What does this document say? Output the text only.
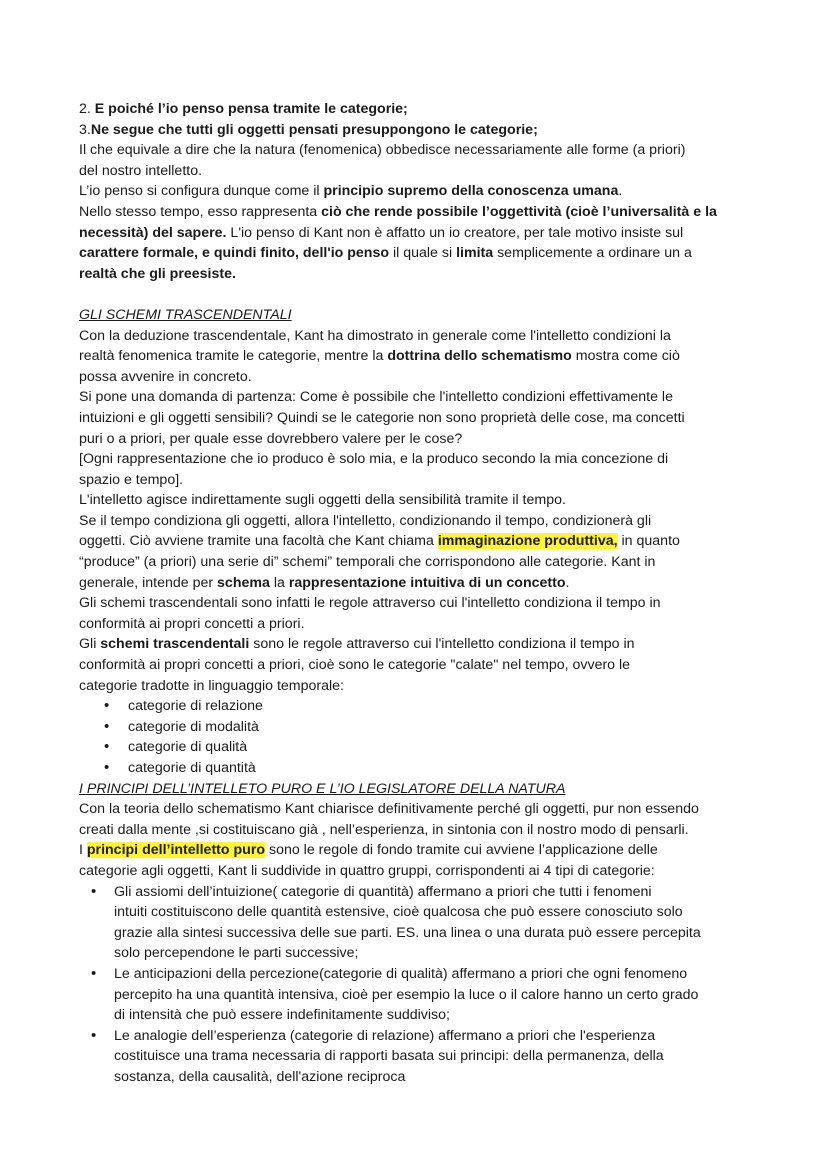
2. E poiché l’io penso pensa tramite le categorie;
3.Ne segue che tutti gli oggetti pensati presuppongono le categorie;
Il che equivale a dire che la natura (fenomenica) obbedisce necessariamente alle forme (a priori)
del nostro intelletto.
L’io penso si configura dunque come il principio supremo della conoscenza umana.
Nello stesso tempo, esso rappresenta ciò che rende possibile l’oggettività (cioè l’universalità e la
necessità) del sapere. L'io penso di Kant non è affatto un io creatore, per tale motivo insiste sul
carattere formale, e quindi finito, dell'io penso il quale si limita semplicemente a ordinare un a
realtà che gli preesiste.
GLI SCHEMI TRASCENDENTALI
Con la deduzione trascendentale, Kant ha dimostrato in generale come l'intelletto condizioni la
realtà fenomenica tramite le categorie, mentre la dottrina dello schematismo mostra come ciò
possa avvenire in concreto.
Si pone una domanda di partenza: Come è possibile che l'intelletto condizioni effettivamente le
intuizioni e gli oggetti sensibili? Quindi se le categorie non sono proprietà delle cose, ma concetti
puri o a priori, per quale esse dovrebbero valere per le cose?
[Ogni rappresentazione che io produco è solo mia, e la produco secondo la mia concezione di
spazio e tempo].
L'intelletto agisce indirettamente sugli oggetti della sensibilità tramite il tempo.
Se il tempo condiziona gli oggetti, allora l'intelletto, condizionando il tempo, condizionerà gli
oggetti. Ciò avviene tramite una facoltà che Kant chiama immaginazione produttiva, in quanto
“produce” (a priori) una serie di” schemi” temporali che corrispondono alle categorie. Kant in
generale, intende per schema la rappresentazione intuitiva di un concetto.
Gli schemi trascendentali sono infatti le regole attraverso cui l'intelletto condiziona il tempo in
conformità ai propri concetti a priori.
Gli schemi trascendentali sono le regole attraverso cui l'intelletto condiziona il tempo in
conformità ai propri concetti a priori, cioè sono le categorie "calate" nel tempo, ovvero le
categorie tradotte in linguaggio temporale:
• categorie di relazione
• categorie di modalità
• categorie di qualità
• categorie di quantità
I PRINCIPI DELL’INTELLETO PURO E L’IO LEGISLATORE DELLA NATURA
Con la teoria dello schematismo Kant chiarisce definitivamente perché gli oggetti, pur non essendo
creati dalla mente ,si costituiscano già , nell’esperienza, in sintonia con il nostro modo di pensarli.
I principi dell’intelletto puro sono le regole di fondo tramite cui avviene l’applicazione delle
categorie agli oggetti, Kant li suddivide in quattro gruppi, corrispondenti ai 4 tipi di categorie:
• Gli assiomi dell’intuizione( categorie di quantità) affermano a priori che tutti i fenomeni
intuiti costituiscono delle quantità estensive, cioè qualcosa che può essere conosciuto solo
grazie alla sintesi successiva delle sue parti. ES. una linea o una durata può essere percepita
solo percependone le parti successive;
• Le anticipazioni della percezione(categorie di qualità) affermano a priori che ogni fenomeno
percepito ha una quantità intensiva, cioè per esempio la luce o il calore hanno un certo grado
di intensità che può essere indefinitamente suddiviso;
• Le analogie dell’esperienza (categorie di relazione) affermano a priori che l'esperienza
costituisce una trama necessaria di rapporti basata sui principi: della permanenza, della
sostanza, della causalità, dell'azione reciproca
